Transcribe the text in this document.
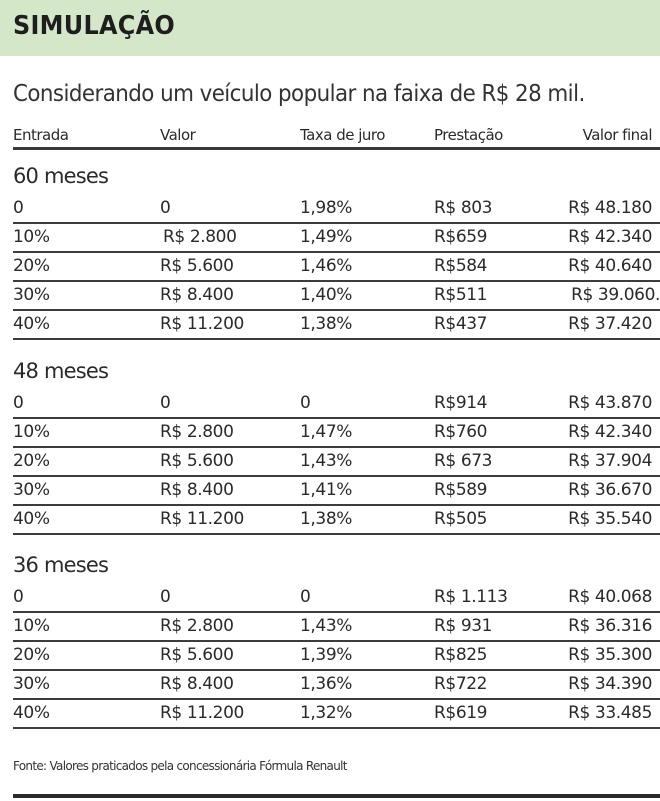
SIMULAÇÃO
Considerando um veículo popular na faixa de R$ 28 mil.
Entrada	Valor	Taxa de juro	Prestação	Valor final
60 meses
0	0	1,98%	R$ 803	R$ 48.180
10%	R$ 2.800	1,49%	R$659	R$ 42.340
20%	R$ 5.600	1,46%	R$584	R$ 40.640
30%	R$ 8.400	1,40%	R$511	R$ 39.060.
40%	R$ 11.200	1,38%	R$437	R$ 37.420
48 meses
0	0	0	R$914	R$ 43.870
10%	R$ 2.800	1,47%	R$760	R$ 42.340
20%	R$ 5.600	1,43%	R$ 673	R$ 37.904
30%	R$ 8.400	1,41%	R$589	R$ 36.670
40%	R$ 11.200	1,38%	R$505	R$ 35.540
36 meses
0	0	0	R$ 1.113	R$ 40.068
10%	R$ 2.800	1,43%	R$ 931	R$ 36.316
20%	R$ 5.600	1,39%	R$825	R$ 35.300
30%	R$ 8.400	1,36%	R$722	R$ 34.390
40%	R$ 11.200	1,32%	R$619	R$ 33.485
Fonte: Valores praticados pela concessionária Fórmula Renault
